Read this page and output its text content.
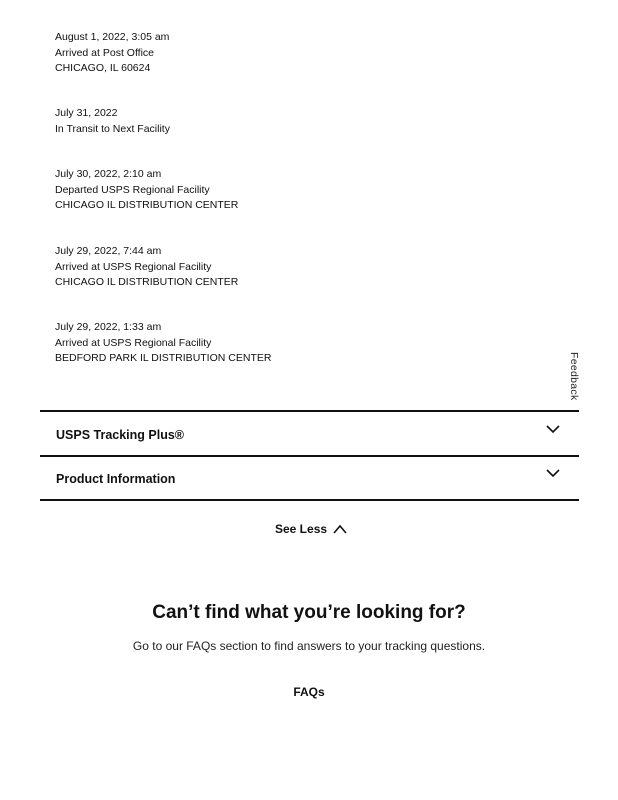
August 1, 2022, 3:05 am
Arrived at Post Office
CHICAGO, IL 60624
July 31, 2022
In Transit to Next Facility
July 30, 2022, 2:10 am
Departed USPS Regional Facility
CHICAGO IL DISTRIBUTION CENTER
July 29, 2022, 7:44 am
Arrived at USPS Regional Facility
CHICAGO IL DISTRIBUTION CENTER
July 29, 2022, 1:33 am
Arrived at USPS Regional Facility
BEDFORD PARK IL DISTRIBUTION CENTER	Feedback
USPS Tracking Plus®
Product Information
See Less
Can’t find what you’re looking for?
Go to our FAQs section to find answers to your tracking questions.
FAQs
